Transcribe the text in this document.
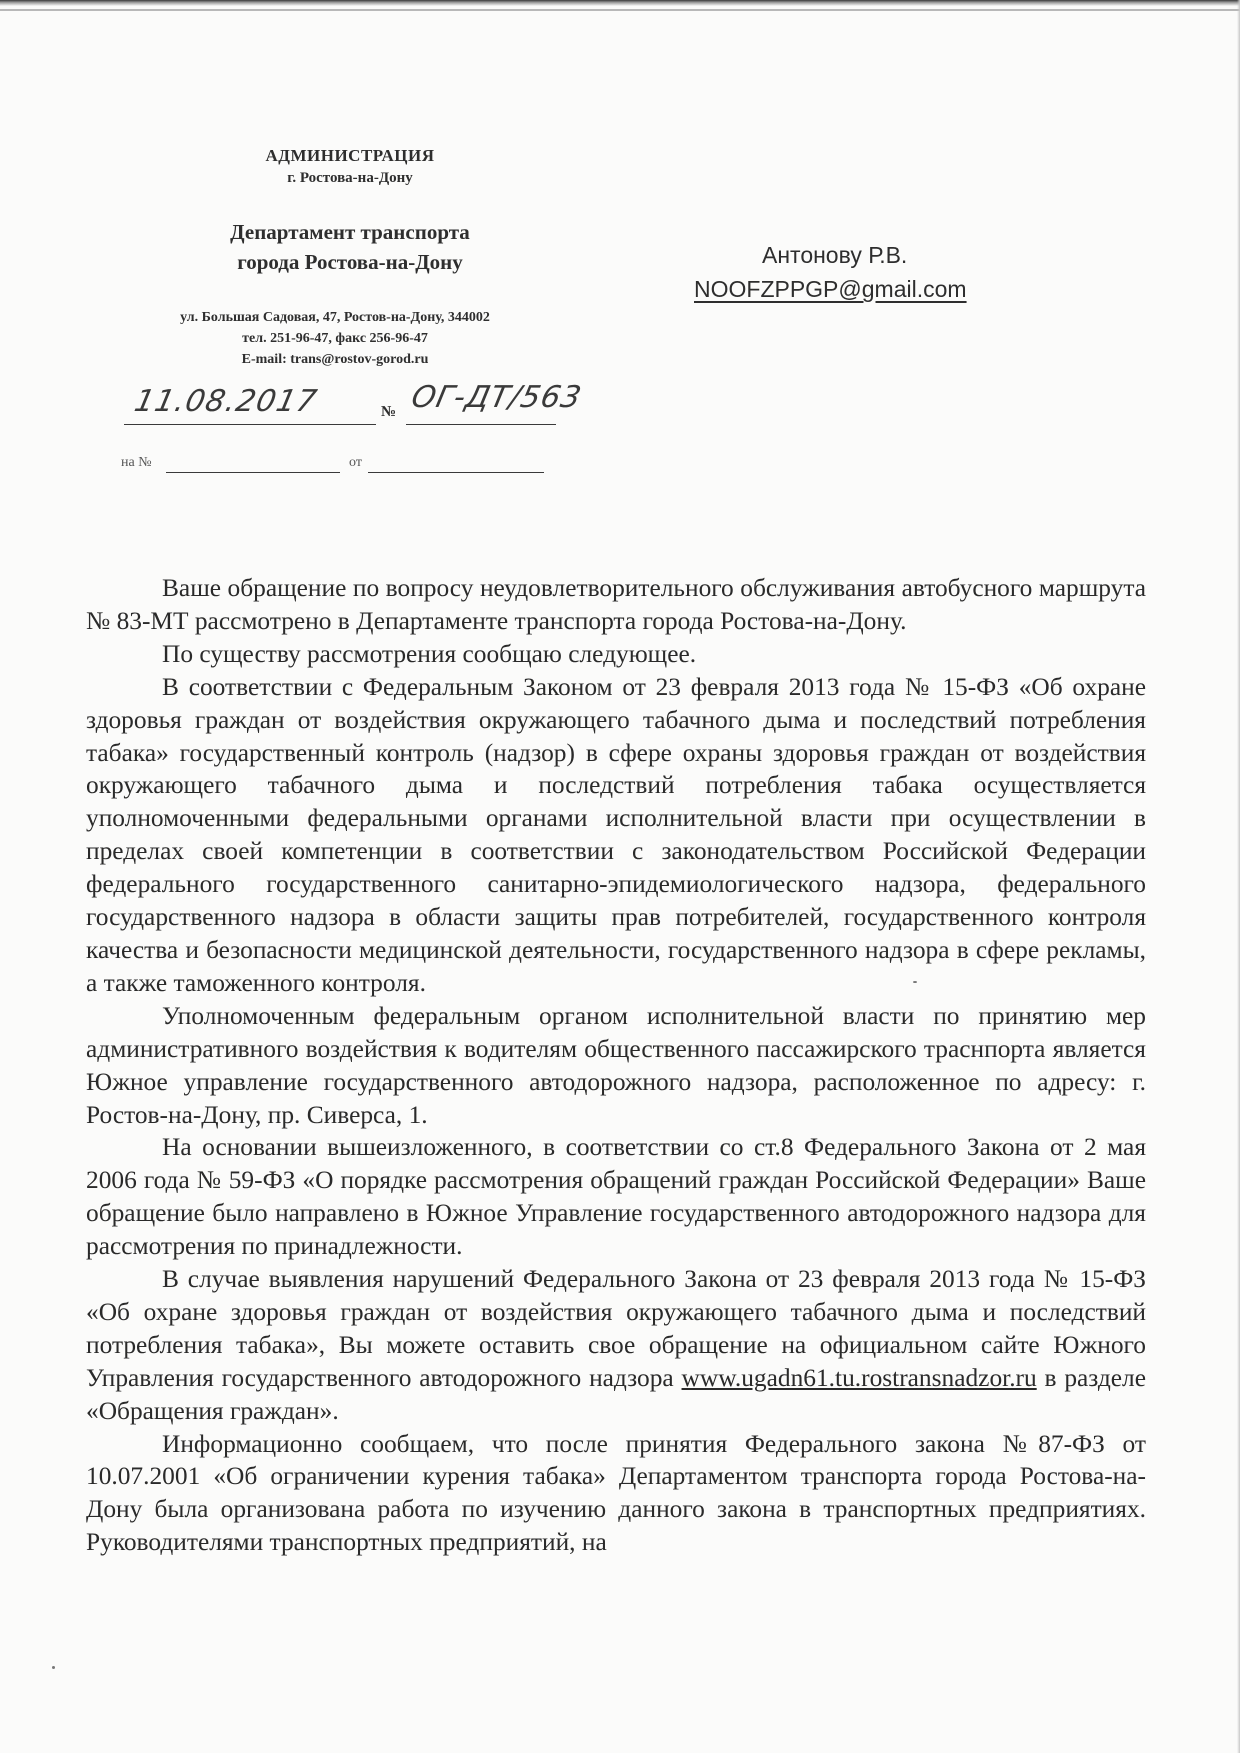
АДМИНИСТРАЦИЯ
г. Ростова-на-Дону
Департамент транспорта
города Ростова-на-Дону
ул. Большая Садовая, 47, Ростов-на-Дону, 344002
тел. 251-96-47, факс 256-96-47
E-mail: trans@rostov-gorod.ru
11.08.2017	№ ОГ-ДТ/563
на №	от
Антонову Р.В.
NOOFZPPGP@gmail.com

Ваше обращение по вопросу неудовлетворительного обслуживания автобусного маршрута № 83-МТ рассмотрено в Департаменте транспорта города Ростова-на-Дону.

По существу рассмотрения сообщаю следующее.

В соответствии с Федеральным Законом от 23 февраля 2013 года № 15-ФЗ «Об охране здоровья граждан от воздействия окружающего табачного дыма и последствий потребления табака» государственный контроль (надзор) в сфере охраны здоровья граждан от воздействия окружающего табачного дыма и последствий потребления табака осуществляется уполномоченными федеральными органами исполнительной власти при осуществлении в пределах своей компетенции в соответствии с законодательством Российской Федерации федерального государственного санитарно-эпидемиологического надзора, федерального государственного надзора в области защиты прав потребителей, государственного контроля качества и безопасности медицинской деятельности, государственного надзора в сфере рекламы, а также таможенного контроля.

Уполномоченным федеральным органом исполнительной власти по принятию мер административного воздействия к водителям общественного пассажирского траснпорта является Южное управление государственного автодорожного надзора, расположенное по адресу: г. Ростов-на-Дону, пр. Сиверса, 1.

На основании вышеизложенного, в соответствии со ст.8 Федерального Закона от 2 мая 2006 года № 59-ФЗ «О порядке рассмотрения обращений граждан Российской Федерации» Ваше обращение было направлено в Южное Управление государственного автодорожного надзора для рассмотрения по принадлежности.

В случае выявления нарушений Федерального Закона от 23 февраля 2013 года № 15-ФЗ «Об охране здоровья граждан от воздействия окружающего табачного дыма и последствий потребления табака», Вы можете оставить свое обращение на официальном сайте Южного Управления государственного автодорожного надзора www.ugadn61.tu.rostransnadzor.ru в разделе «Обращения граждан».

Информационно сообщаем, что после принятия Федерального закона №87-ФЗ от 10.07.2001 «Об ограничении курения табака» Департаментом транспорта города Ростова-на-Дону была организована работа по изучению данного закона в транспортных предприятиях. Руководителями транспортных предприятий, на
